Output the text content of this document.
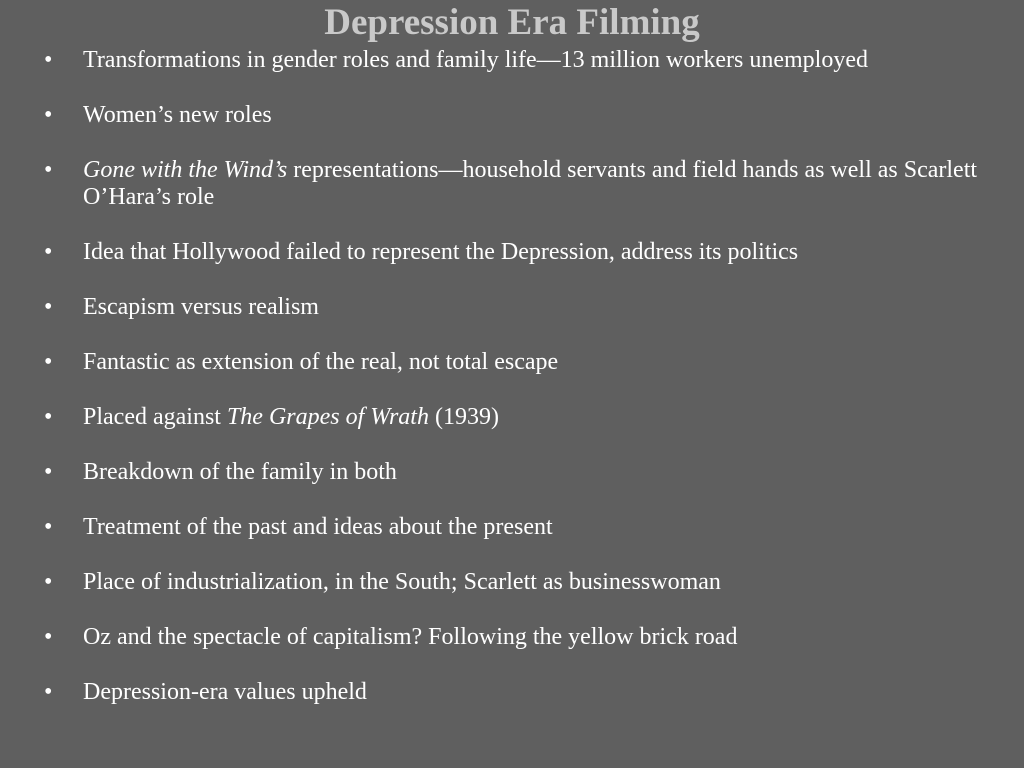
Depression Era Filming
• Transformations in gender roles and family life—13 million workers unemployed
• Women’s new roles
• Gone with the Wind’s representations—household servants and field hands as well as Scarlett O’Hara’s role
• Idea that Hollywood failed to represent the Depression, address its politics
• Escapism versus realism
• Fantastic as extension of the real, not total escape
• Placed against The Grapes of Wrath (1939)
• Breakdown of the family in both
• Treatment of the past and ideas about the present
• Place of industrialization, in the South; Scarlett as businesswoman
• Oz and the spectacle of capitalism? Following the yellow brick road
• Depression-era values upheld
